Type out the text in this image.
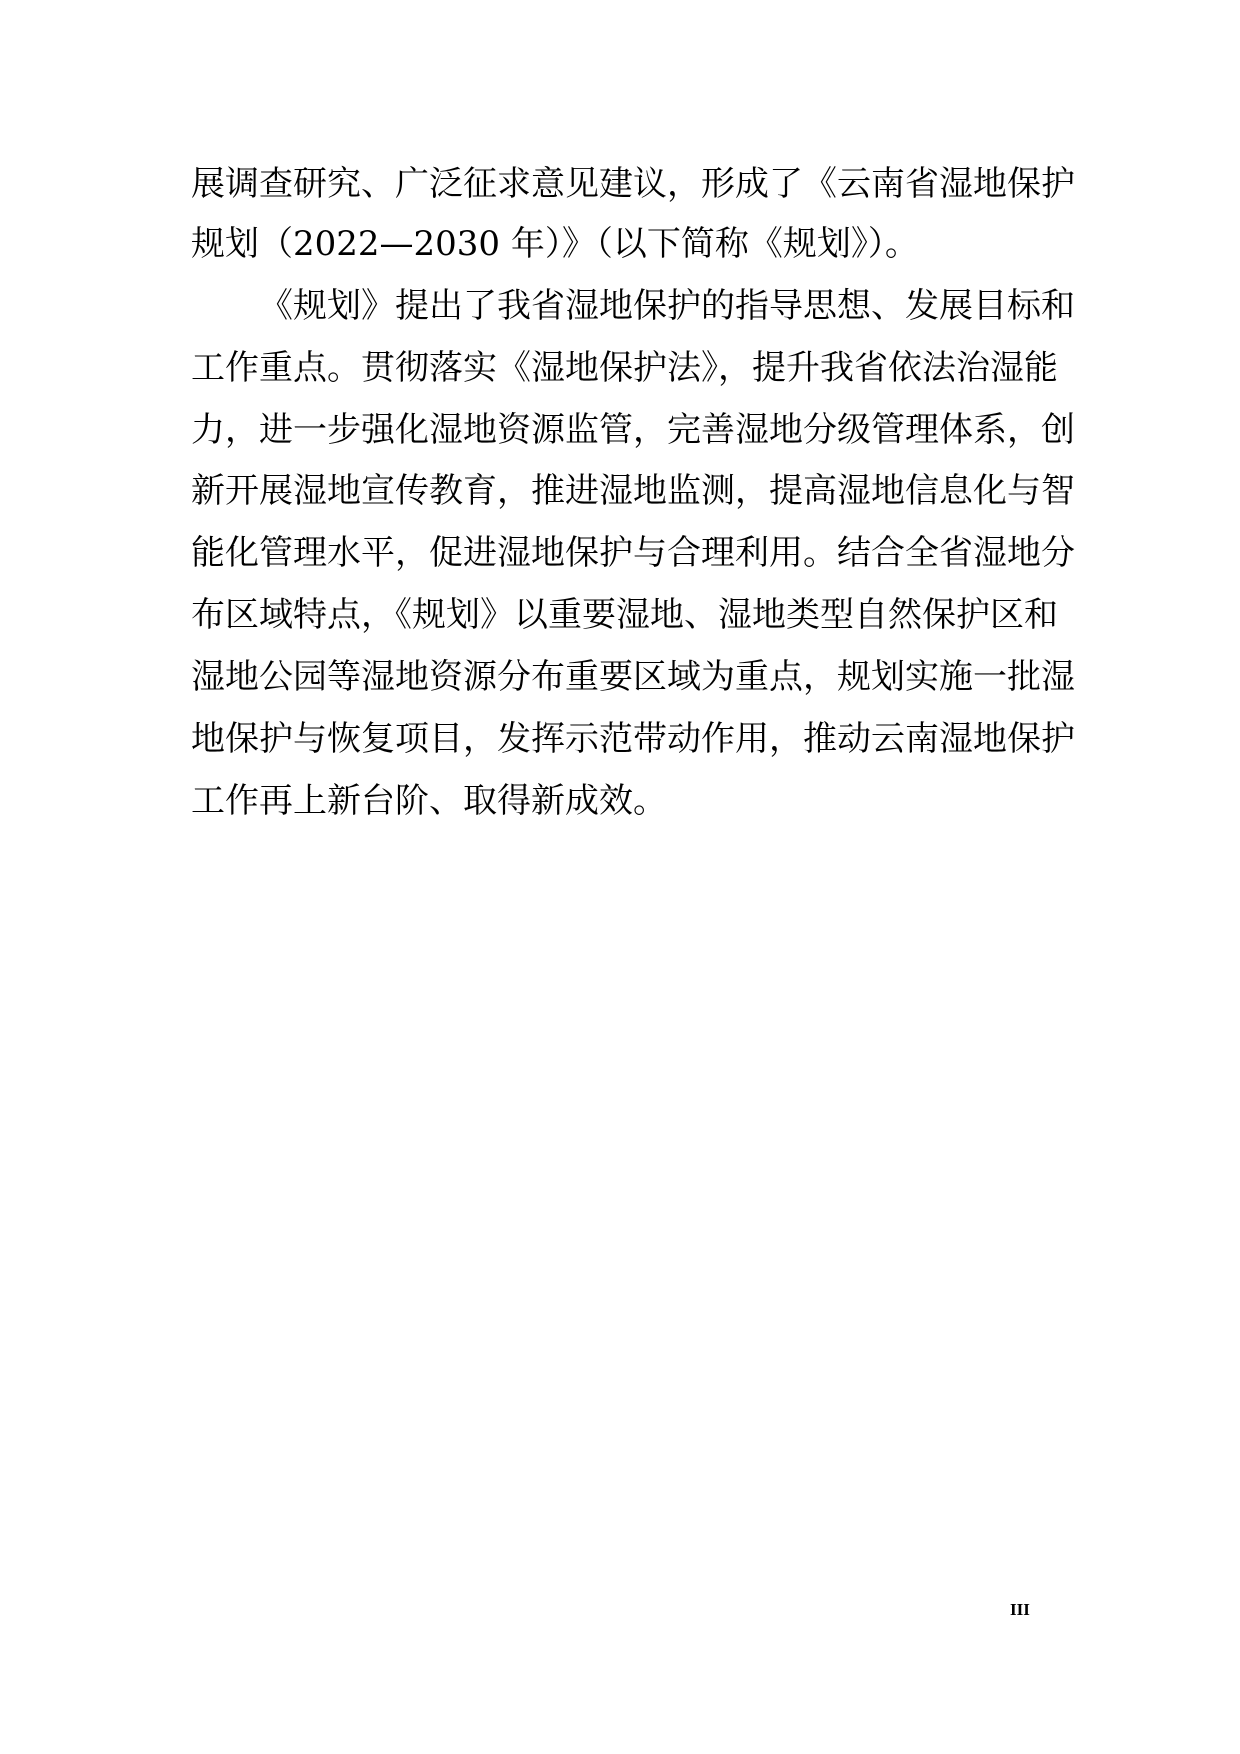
展调查研究、广泛征求意见建议，形成了《云南省湿地保护
规划（2022—2030 年）》（以下简称《规划》）。
《规划》提出了我省湿地保护的指导思想、发展目标和
工作重点。贯彻落实《湿地保护法》，提升我省依法治湿能
力，进一步强化湿地资源监管，完善湿地分级管理体系，创
新开展湿地宣传教育，推进湿地监测，提高湿地信息化与智
能化管理水平，促进湿地保护与合理利用。结合全省湿地分
布区域特点，《规划》以重要湿地、湿地类型自然保护区和
湿地公园等湿地资源分布重要区域为重点，规划实施一批湿
地保护与恢复项目，发挥示范带动作用，推动云南湿地保护
工作再上新台阶、取得新成效。
III
